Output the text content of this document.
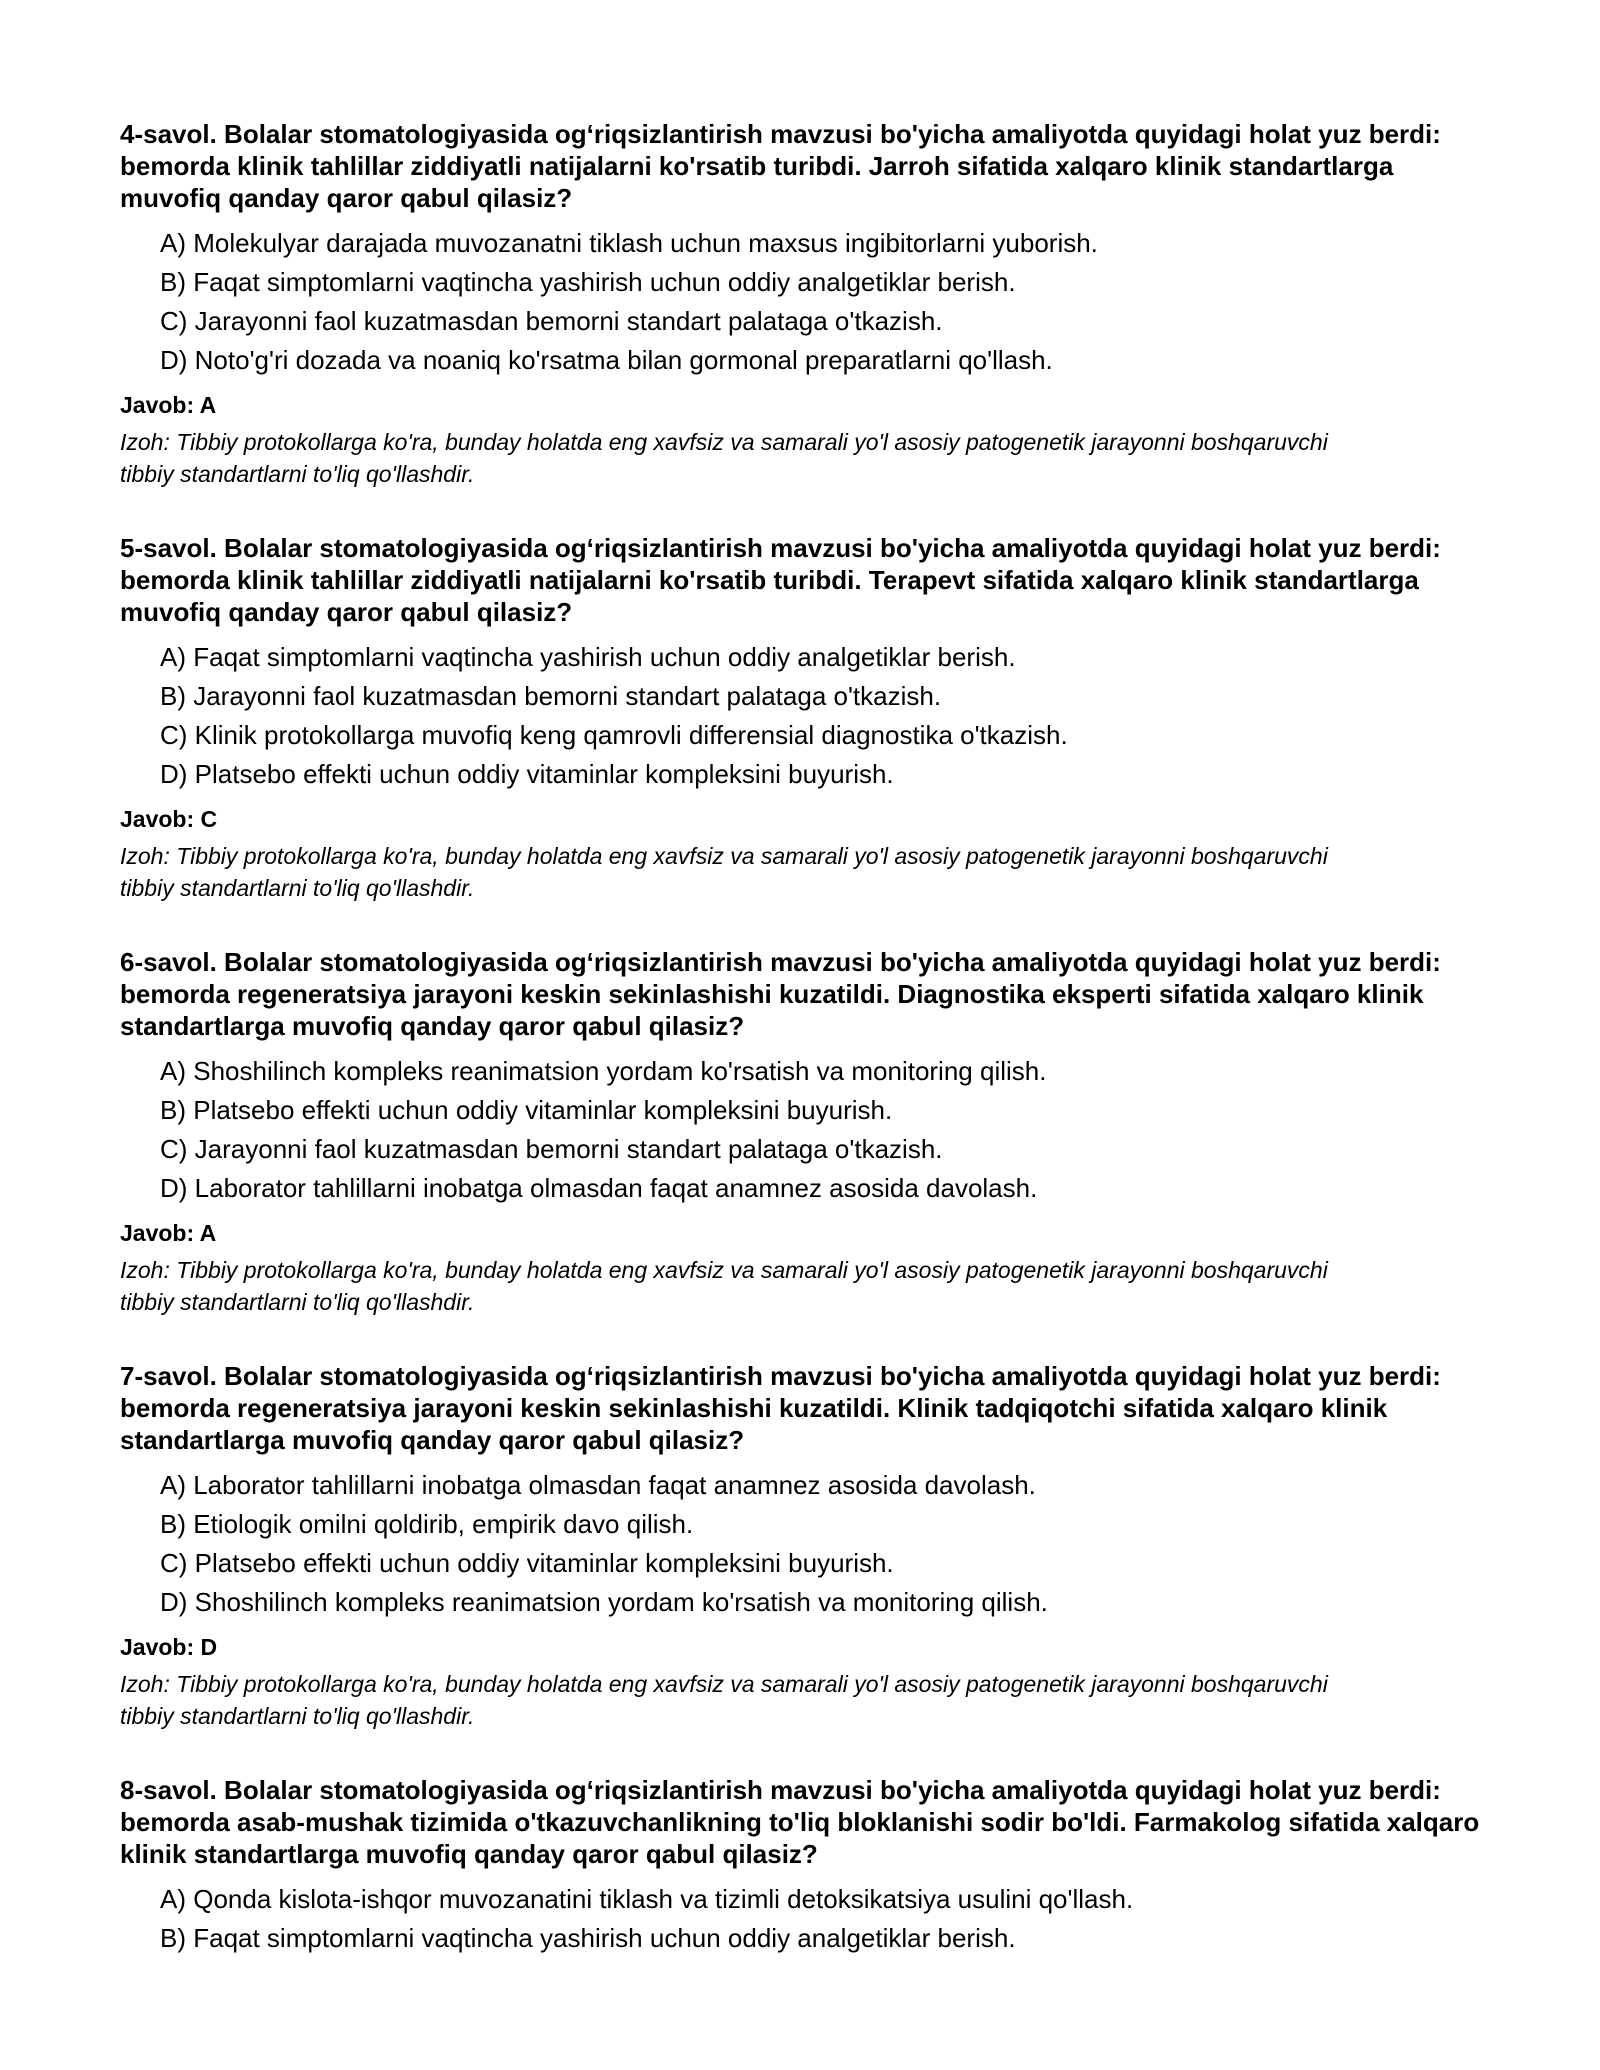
4-savol. Bolalar stomatologiyasida og‘riqsizlantirish mavzusi bo'yicha amaliyotda quyidagi holat yuz berdi: bemorda klinik tahlillar ziddiyatli natijalarni ko'rsatib turibdi. Jarroh sifatida xalqaro klinik standartlarga muvofiq qanday qaror qabul qilasiz?

A) Molekulyar darajada muvozanatni tiklash uchun maxsus ingibitorlarni yuborish.
B) Faqat simptomlarni vaqtincha yashirish uchun oddiy analgetiklar berish.
C) Jarayonni faol kuzatmasdan bemorni standart palataga o'tkazish.
D) Noto'g'ri dozada va noaniq ko'rsatma bilan gormonal preparatlarni qo'llash.

Javob: A

Izoh: Tibbiy protokollarga ko'ra, bunday holatda eng xavfsiz va samarali yo'l asosiy patogenetik jarayonni boshqaruvchi tibbiy standartlarni to'liq qo'llashdir.

5-savol. Bolalar stomatologiyasida og‘riqsizlantirish mavzusi bo'yicha amaliyotda quyidagi holat yuz berdi: bemorda klinik tahlillar ziddiyatli natijalarni ko'rsatib turibdi. Terapevt sifatida xalqaro klinik standartlarga muvofiq qanday qaror qabul qilasiz?

A) Faqat simptomlarni vaqtincha yashirish uchun oddiy analgetiklar berish.
B) Jarayonni faol kuzatmasdan bemorni standart palataga o'tkazish.
C) Klinik protokollarga muvofiq keng qamrovli differensial diagnostika o'tkazish.
D) Platsebo effekti uchun oddiy vitaminlar kompleksini buyurish.

Javob: C

Izoh: Tibbiy protokollarga ko'ra, bunday holatda eng xavfsiz va samarali yo'l asosiy patogenetik jarayonni boshqaruvchi tibbiy standartlarni to'liq qo'llashdir.

6-savol. Bolalar stomatologiyasida og‘riqsizlantirish mavzusi bo'yicha amaliyotda quyidagi holat yuz berdi: bemorda regeneratsiya jarayoni keskin sekinlashishi kuzatildi. Diagnostika eksperti sifatida xalqaro klinik standartlarga muvofiq qanday qaror qabul qilasiz?

A) Shoshilinch kompleks reanimatsion yordam ko'rsatish va monitoring qilish.
B) Platsebo effekti uchun oddiy vitaminlar kompleksini buyurish.
C) Jarayonni faol kuzatmasdan bemorni standart palataga o'tkazish.
D) Laborator tahlillarni inobatga olmasdan faqat anamnez asosida davolash.

Javob: A

Izoh: Tibbiy protokollarga ko'ra, bunday holatda eng xavfsiz va samarali yo'l asosiy patogenetik jarayonni boshqaruvchi tibbiy standartlarni to'liq qo'llashdir.

7-savol. Bolalar stomatologiyasida og‘riqsizlantirish mavzusi bo'yicha amaliyotda quyidagi holat yuz berdi: bemorda regeneratsiya jarayoni keskin sekinlashishi kuzatildi. Klinik tadqiqotchi sifatida xalqaro klinik standartlarga muvofiq qanday qaror qabul qilasiz?

A) Laborator tahlillarni inobatga olmasdan faqat anamnez asosida davolash.
B) Etiologik omilni qoldirib, empirik davo qilish.
C) Platsebo effekti uchun oddiy vitaminlar kompleksini buyurish.
D) Shoshilinch kompleks reanimatsion yordam ko'rsatish va monitoring qilish.

Javob: D

Izoh: Tibbiy protokollarga ko'ra, bunday holatda eng xavfsiz va samarali yo'l asosiy patogenetik jarayonni boshqaruvchi tibbiy standartlarni to'liq qo'llashdir.

8-savol. Bolalar stomatologiyasida og‘riqsizlantirish mavzusi bo'yicha amaliyotda quyidagi holat yuz berdi: bemorda asab-mushak tizimida o'tkazuvchanlikning to'liq bloklanishi sodir bo'ldi. Farmakolog sifatida xalqaro klinik standartlarga muvofiq qanday qaror qabul qilasiz?

A) Qonda kislota-ishqor muvozanatini tiklash va tizimli detoksikatsiya usulini qo'llash.
B) Faqat simptomlarni vaqtincha yashirish uchun oddiy analgetiklar berish.
